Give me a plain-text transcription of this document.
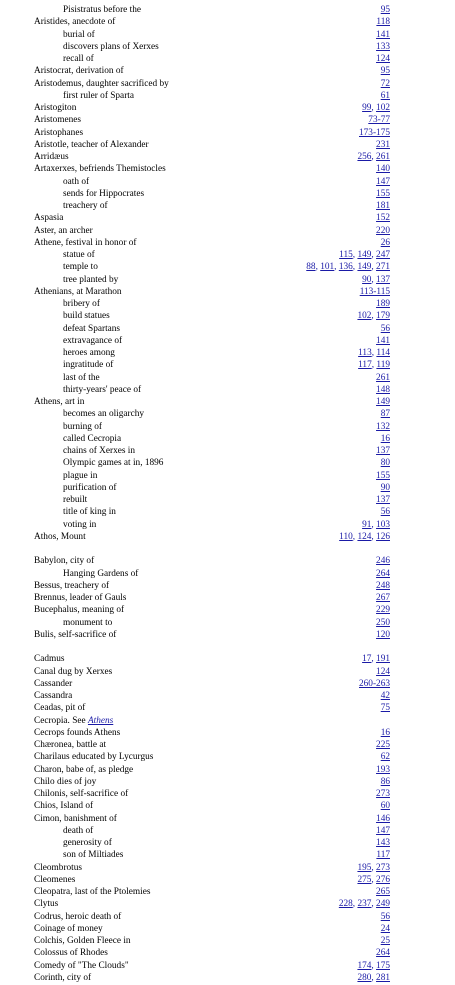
Pisistratus before the	95
Aristides, anecdote of	118
burial of	141
discovers plans of Xerxes	133
recall of	124
Aristocrat, derivation of	95
Aristodemus, daughter sacrificed by	72
first ruler of Sparta	61
Aristogiton	99, 102
Aristomenes	73-77
Aristophanes	173-175
Aristotle, teacher of Alexander	231
Arridæus	256, 261
Artaxerxes, befriends Themistocles	140
oath of	147
sends for Hippocrates	155
treachery of	181
Aspasia	152
Aster, an archer	220
Athene, festival in honor of	26
statue of	115, 149, 247
temple to	88, 101, 136, 149, 271
tree planted by	90, 137
Athenians, at Marathon	113-115
bribery of	189
build statues	102, 179
defeat Spartans	56
extravagance of	141
heroes among	113, 114
ingratitude of	117, 119
last of the	261
thirty-years' peace of	148
Athens, art in	149
becomes an oligarchy	87
burning of	132
called Cecropia	16
chains of Xerxes in	137
Olympic games at in, 1896	80
plague in	155
purification of	90
rebuilt	137
title of king in	56
voting in	91, 103
Athos, Mount	110, 124, 126
Babylon, city of	246
Hanging Gardens of	264
Bessus, treachery of	248
Brennus, leader of Gauls	267
Bucephalus, meaning of	229
monument to	250
Bulis, self-sacrifice of	120
Cadmus	17, 191
Canal dug by Xerxes	124
Cassander	260-263
Cassandra	42
Ceadas, pit of	75
Cecropia. See Athens
Cecrops founds Athens	16
Chæronea, battle at	225
Charilaus educated by Lycurgus	62
Charon, babe of, as pledge	193
Chilo dies of joy	86
Chilonis, self-sacrifice of	273
Chios, Island of	60
Cimon, banishment of	146
death of	147
generosity of	143
son of Miltiades	117
Cleombrotus	195, 273
Cleomenes	275, 276
Cleopatra, last of the Ptolemies	265
Clytus	228, 237, 249
Codrus, heroic death of	56
Coinage of money	24
Colchis, Golden Fleece in	25
Colossus of Rhodes	264
Comedy of "The Clouds"	174, 175
Corinth, city of	280, 281
